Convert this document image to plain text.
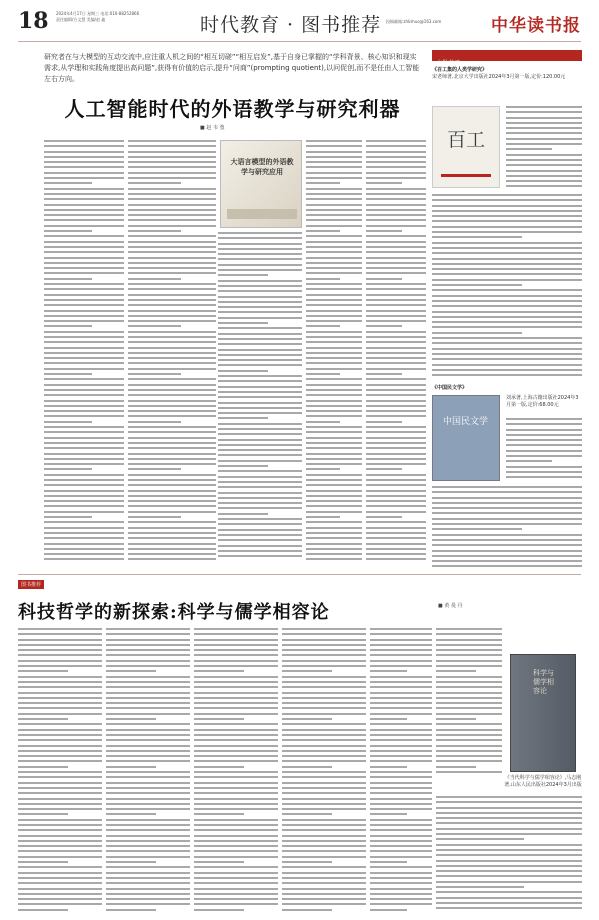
18 2024年4月17日 星期三 电话:010-88252866
责任编辑/方文慧 美编/赵 鑫	时代教育 · 图书推荐 投稿邮箱:zhlishuo@163.com	中华读书报
研究者在与大模型的互动交流中,应注重人机之间的“相互切磋”“相互启发”,基于自身已掌握的“学科背景、核心知识和现实需求,从学理和实践角度提出高问题”,获得有价值的启示,提升“问商”(prompting quotient),以问促创,而不是任由人工智能左右方向。
人工智能时代的外语教学与研究利器
■ 赵 韦 弢
大语言模型的外语教学与研究应用
本报书评
《百工集的人类学研究》
宋老师著,北京大学出版社2024年3月第一版,定价:120.00元
百工
《中国民文学》
中国民文学
刘承著,上海古籍出版社2024年3月第一版,定价:68.00元
图书推荐
科技哲学的新探索:科学与儒学相容论	■ 黄 曼 丹
科学与儒学相容论
《当代科学与儒学相容论》,马志刚著,山东人民出版社2024年3月出版
